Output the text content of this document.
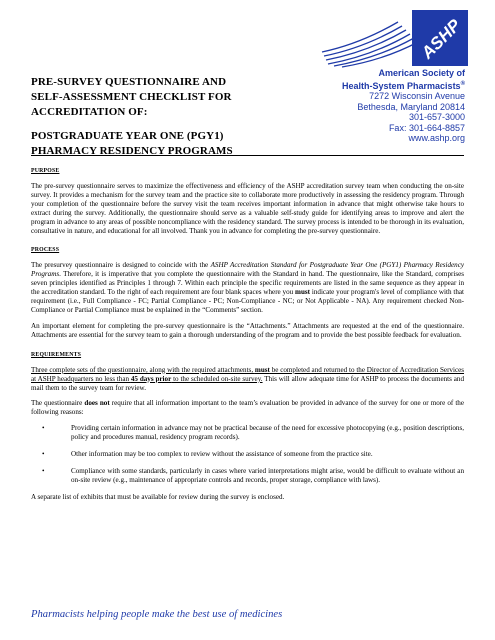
PRE-SURVEY QUESTIONNAIRE AND
SELF-ASSESSMENT CHECKLIST FOR
ACCREDITATION OF:
POSTGRADUATE YEAR ONE (PGY1)
PHARMACY RESIDENCY PROGRAMS
ASHP
American Society of
Health-System Pharmacists®
7272 Wisconsin Avenue
Bethesda, Maryland 20814
301-657-3000
Fax: 301-664-8857
www.ashp.org

PURPOSE

The pre-survey questionnaire serves to maximize the effectiveness and efficiency of the ASHP accreditation survey team when conducting the on-site survey. It provides a mechanism for the survey team and the practice site to collaborate more productively in assessing the residency program. Through your completion of the questionnaire before the survey visit the team receives important information in advance that might otherwise take hours to extract during the survey. Additionally, the questionnaire should serve as a valuable self-study guide for identifying areas to improve and alert the program in advance to any areas of possible noncompliance with the residency standard. The survey process is intended to be thorough in its evaluation, consultative in nature, and educational for all involved. Thank you in advance for completing the pre-survey questionnaire.

PROCESS

The presurvey questionnaire is designed to coincide with the ASHP Accreditation Standard for Postgraduate Year One (PGY1) Pharmacy Residency Programs. Therefore, it is imperative that you complete the questionnaire with the Standard in hand. The questionnaire, like the Standard, comprises seven principles identified as Principles 1 through 7. Within each principle the specific requirements are listed in the same sequence as they appear in the accreditation standard. To the right of each requirement are four blank spaces where you must indicate your program's level of compliance with that requirement (i.e., Full Compliance - FC; Partial Compliance - PC; Non-Compliance - NC; or Not Applicable - NA). Any requirement checked Non-Compliance or Partial Compliance must be explained in the “Comments” section.

An important element for completing the pre-survey questionnaire is the “Attachments.” Attachments are requested at the end of the questionnaire. Attachments are essential for the survey team to gain a thorough understanding of the program and to provide the best possible feedback for evaluation.

REQUIREMENTS

Three complete sets of the questionnaire, along with the required attachments, must be completed and returned to the Director of Accreditation Services at ASHP headquarters no less than 45 days prior to the scheduled on-site survey. This will allow adequate time for ASHP to process the documents and mail them to the survey team for review.

The questionnaire does not require that all information important to the team’s evaluation be provided in advance of the survey for one or more of the following reasons:

•	Providing certain information in advance may not be practical because of the need for excessive photocopying (e.g., position descriptions, policy and procedures manual, residency program records).
•	Other information may be too complex to review without the assistance of someone from the practice site.
•	Compliance with some standards, particularly in cases where varied interpretations might arise, would be difficult to evaluate without an on-site review (e.g., maintenance of appropriate controls and records, proper storage, compliance with laws).

A separate list of exhibits that must be available for review during the survey is enclosed.

Pharmacists helping people make the best use of medicines
